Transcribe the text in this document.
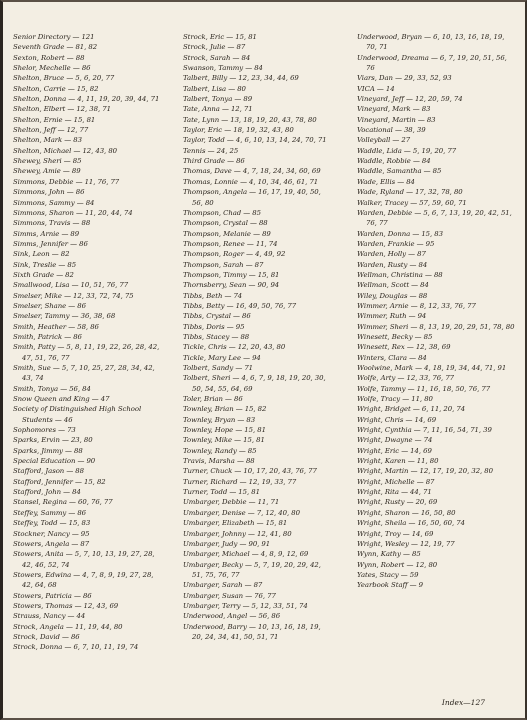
Senior Directory — 121
Seventh Grade — 81, 82
Sexton, Robert — 88
Shelor, Mechelle — 86
Shelton, Bruce — 5, 6, 20, 77
Shelton, Carrie — 15, 82
Shelton, Donna — 4, 11, 19, 20, 39, 44, 71
Shelton, Elbert — 12, 38, 71
Shelton, Ernie — 15, 81
Shelton, Jeff — 12, 77
Shelton, Mark — 83
Shelton, Michael — 12, 43, 80
Shewey, Sheri — 85
Shewey, Amie — 89
Simmons, Debbie — 11, 76, 77
Simmons, John — 86
Simmons, Sammy — 84
Simmons, Sharon — 11, 20, 44, 74
Simmons, Travis — 88
Simms, Arnie — 89
Simms, Jennifer — 86
Sink, Leon — 82
Sink, Treslie — 85
Sixth Grade — 82
Smallwood, Lisa — 10, 51, 76, 77
Smelser, Mike — 12, 33, 72, 74, 75
Smelser, Shane — 86
Smelser, Tammy — 36, 38, 68
Smith, Heather — 58, 86
Smith, Patrick — 86
Smith, Patty — 5, 8, 11, 19, 22, 26, 28, 42, 47, 51, 76, 77
Smith, Sue — 5, 7, 10, 25, 27, 28, 34, 42, 43, 74
Smith, Tonya — 56, 84
Snow Queen and King — 47
Society of Distinguished High School Students — 46
Sophomores — 73
Sparks, Ervin — 23, 80
Sparks, Jimmy — 88
Special Education — 90
Stafford, Jason — 88
Stafford, Jennifer — 15, 82
Stafford, John — 84
Stansel, Regina — 60, 76, 77
Steffey, Sammy — 86
Steffey, Todd — 15, 83
Stockner, Nancy — 95
Stowers, Angela — 87
Stowers, Anita — 5, 7, 10, 13, 19, 27, 28, 42, 46, 52, 74
Stowers, Edwina — 4, 7, 8, 9, 19, 27, 28, 42, 64, 68
Stowers, Patricia — 86
Stowers, Thomas — 12, 43, 69
Strauss, Nancy — 44
Strock, Angela — 11, 19, 44, 80
Strock, David — 86
Strock, Donna — 6, 7, 10, 11, 19, 74
Strock, Eric — 15, 81
Strock, Julie — 87
Strock, Sarah — 84
Swanson, Tammy — 84
Talbert, Billy — 12, 23, 34, 44, 69
Talbert, Lisa — 80
Talbert, Tonya — 89
Tate, Anna — 12, 71
Tate, Lynn — 13, 18, 19, 20, 43, 78, 80
Taylor, Eric — 18, 19, 32, 43, 80
Taylor, Todd — 4, 6, 10, 13, 14, 24, 70, 71
Tennis — 24, 25
Third Grade — 86
Thomas, Dave — 4, 7, 18, 24, 34, 60, 69
Thomas, Lonnie — 4, 10, 34, 46, 61, 71
Thompson, Angela — 16, 17, 19, 40, 50, 56, 80
Thompson, Chad — 85
Thompson, Crystal — 88
Thompson, Melanie — 89
Thompson, Renee — 11, 74
Thompson, Roger — 4, 49, 92
Thompson, Sarah — 87
Thompson, Timmy — 15, 81
Thornsberry, Sean — 90, 94
Tibbs, Beth — 74
Tibbs, Betty — 16, 49, 50, 76, 77
Tibbs, Crystal — 86
Tibbs, Doris — 95
Tibbs, Stacey — 88
Tickle, Chris — 12, 20, 43, 80
Tickle, Mary Lee — 94
Tolbert, Sandy — 71
Tolbert, Sheri — 4, 6, 7, 9, 18, 19, 20, 30, 50, 54, 55, 64, 69
Toler, Brian — 86
Townley, Brian — 15, 82
Townley, Bryan — 83
Townley, Hope — 15, 81
Townley, Mike — 15, 81
Townley, Randy — 85
Travis, Marsha — 88
Turner, Chuck — 10, 17, 20, 43, 76, 77
Turner, Richard — 12, 19, 33, 77
Turner, Todd — 15, 81
Umbarger, Debbie — 11, 71
Umbarger, Denise — 7, 12, 40, 80
Umbarger, Elizabeth — 15, 81
Umbarger, Johnny — 12, 41, 80
Umbarger, Judy — 90, 91
Umbarger, Michael — 4, 8, 9, 12, 69
Umbarger, Becky — 5, 7, 19, 20, 29, 42, 51, 75, 76, 77
Umbarger, Sarah — 87
Umbarger, Susan — 76, 77
Umbarger, Terry — 5, 12, 33, 51, 74
Underwood, Angel — 56, 86
Underwood, Barry — 10, 13, 16, 18, 19, 20, 24, 34, 41, 50, 51, 71
Underwood, Bryan — 6, 10, 13, 16, 18, 19, 70, 71
Underwood, Dreama — 6, 7, 19, 20, 51, 56, 76
Viars, Dan — 29, 33, 52, 93
VICA — 14
Vineyard, Jeff — 12, 20, 59, 74
Vineyard, Mark — 83
Vineyard, Martin — 83
Vocational — 38, 39
Volleyball — 27
Waddle, Lida — 5, 19, 20, 77
Waddle, Robbie — 84
Waddle, Samantha — 85
Wade, Ellis — 84
Wade, Ryland — 17, 32, 78, 80
Walker, Tracey — 57, 59, 60, 71
Warden, Debbie — 5, 6, 7, 13, 19, 20, 42, 51, 76, 77
Warden, Donna — 15, 83
Warden, Frankie — 95
Warden, Holly — 87
Warden, Rusty — 84
Wellman, Christina — 88
Wellman, Scott — 84
Wiley, Douglas — 88
Wimmer, Arnie — 8, 12, 33, 76, 77
Wimmer, Ruth — 94
Wimmer, Sheri — 8, 13, 19, 20, 29, 51, 78, 80
Winesett, Becky — 85
Winesett, Rex — 12, 38, 69
Winters, Clara — 84
Woolwine, Mark — 4, 18, 19, 34, 44, 71, 91
Wolfe, Arty — 12, 33, 76, 77
Wolfe, Tammy — 11, 16, 18, 50, 76, 77
Wolfe, Tracy — 11, 80
Wright, Bridget — 6, 11, 20, 74
Wright, Chris — 14, 69
Wright, Cynthia — 7, 11, 16, 54, 71, 39
Wright, Dwayne — 74
Wright, Eric — 14, 69
Wright, Karen — 11, 80
Wright, Martin — 12, 17, 19, 20, 32, 80
Wright, Michelle — 87
Wright, Rita — 44, 71
Wright, Rusty — 20, 69
Wright, Sharon — 16, 50, 80
Wright, Sheila — 16, 50, 60, 74
Wright, Troy — 14, 69
Wright, Wesley — 12, 19, 77
Wynn, Kathy — 85
Wynn, Robert — 12, 80
Yates, Stacy — 59
Yearbook Staff — 9
Index—127
